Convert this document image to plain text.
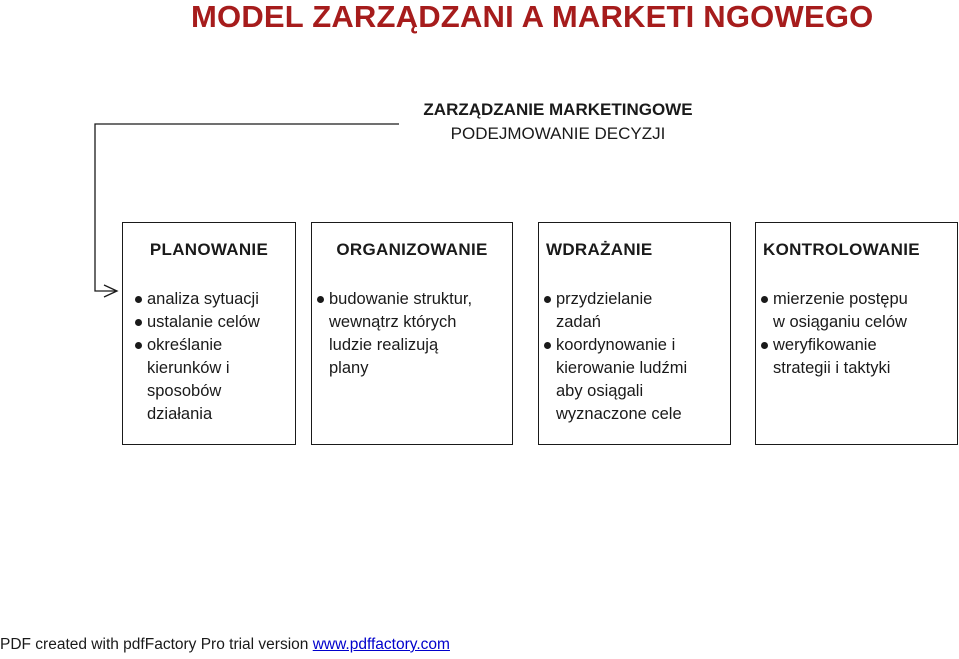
MODEL ZARZĄDZANI A MARKETI NGOWEGO
ZARZĄDZANIE MARKETINGOWE
PODEJMOWANIE DECYZJI
PLANOWANIE
analiza sytuacji
ustalanie celów
określanie
kierunków i
sposobów
działania
ORGANIZOWANIE
budowanie struktur,
wewnątrz których
ludzie realizują
plany
WDRAŻANIE
przydzielanie
zadań
koordynowanie i
kierowanie ludźmi
aby osiągali
wyznaczone cele
KONTROLOWANIE
mierzenie postępu
w osiąganiu celów
weryfikowanie
strategii i taktyki
PDF created with pdfFactory Pro trial version www.pdffactory.com
